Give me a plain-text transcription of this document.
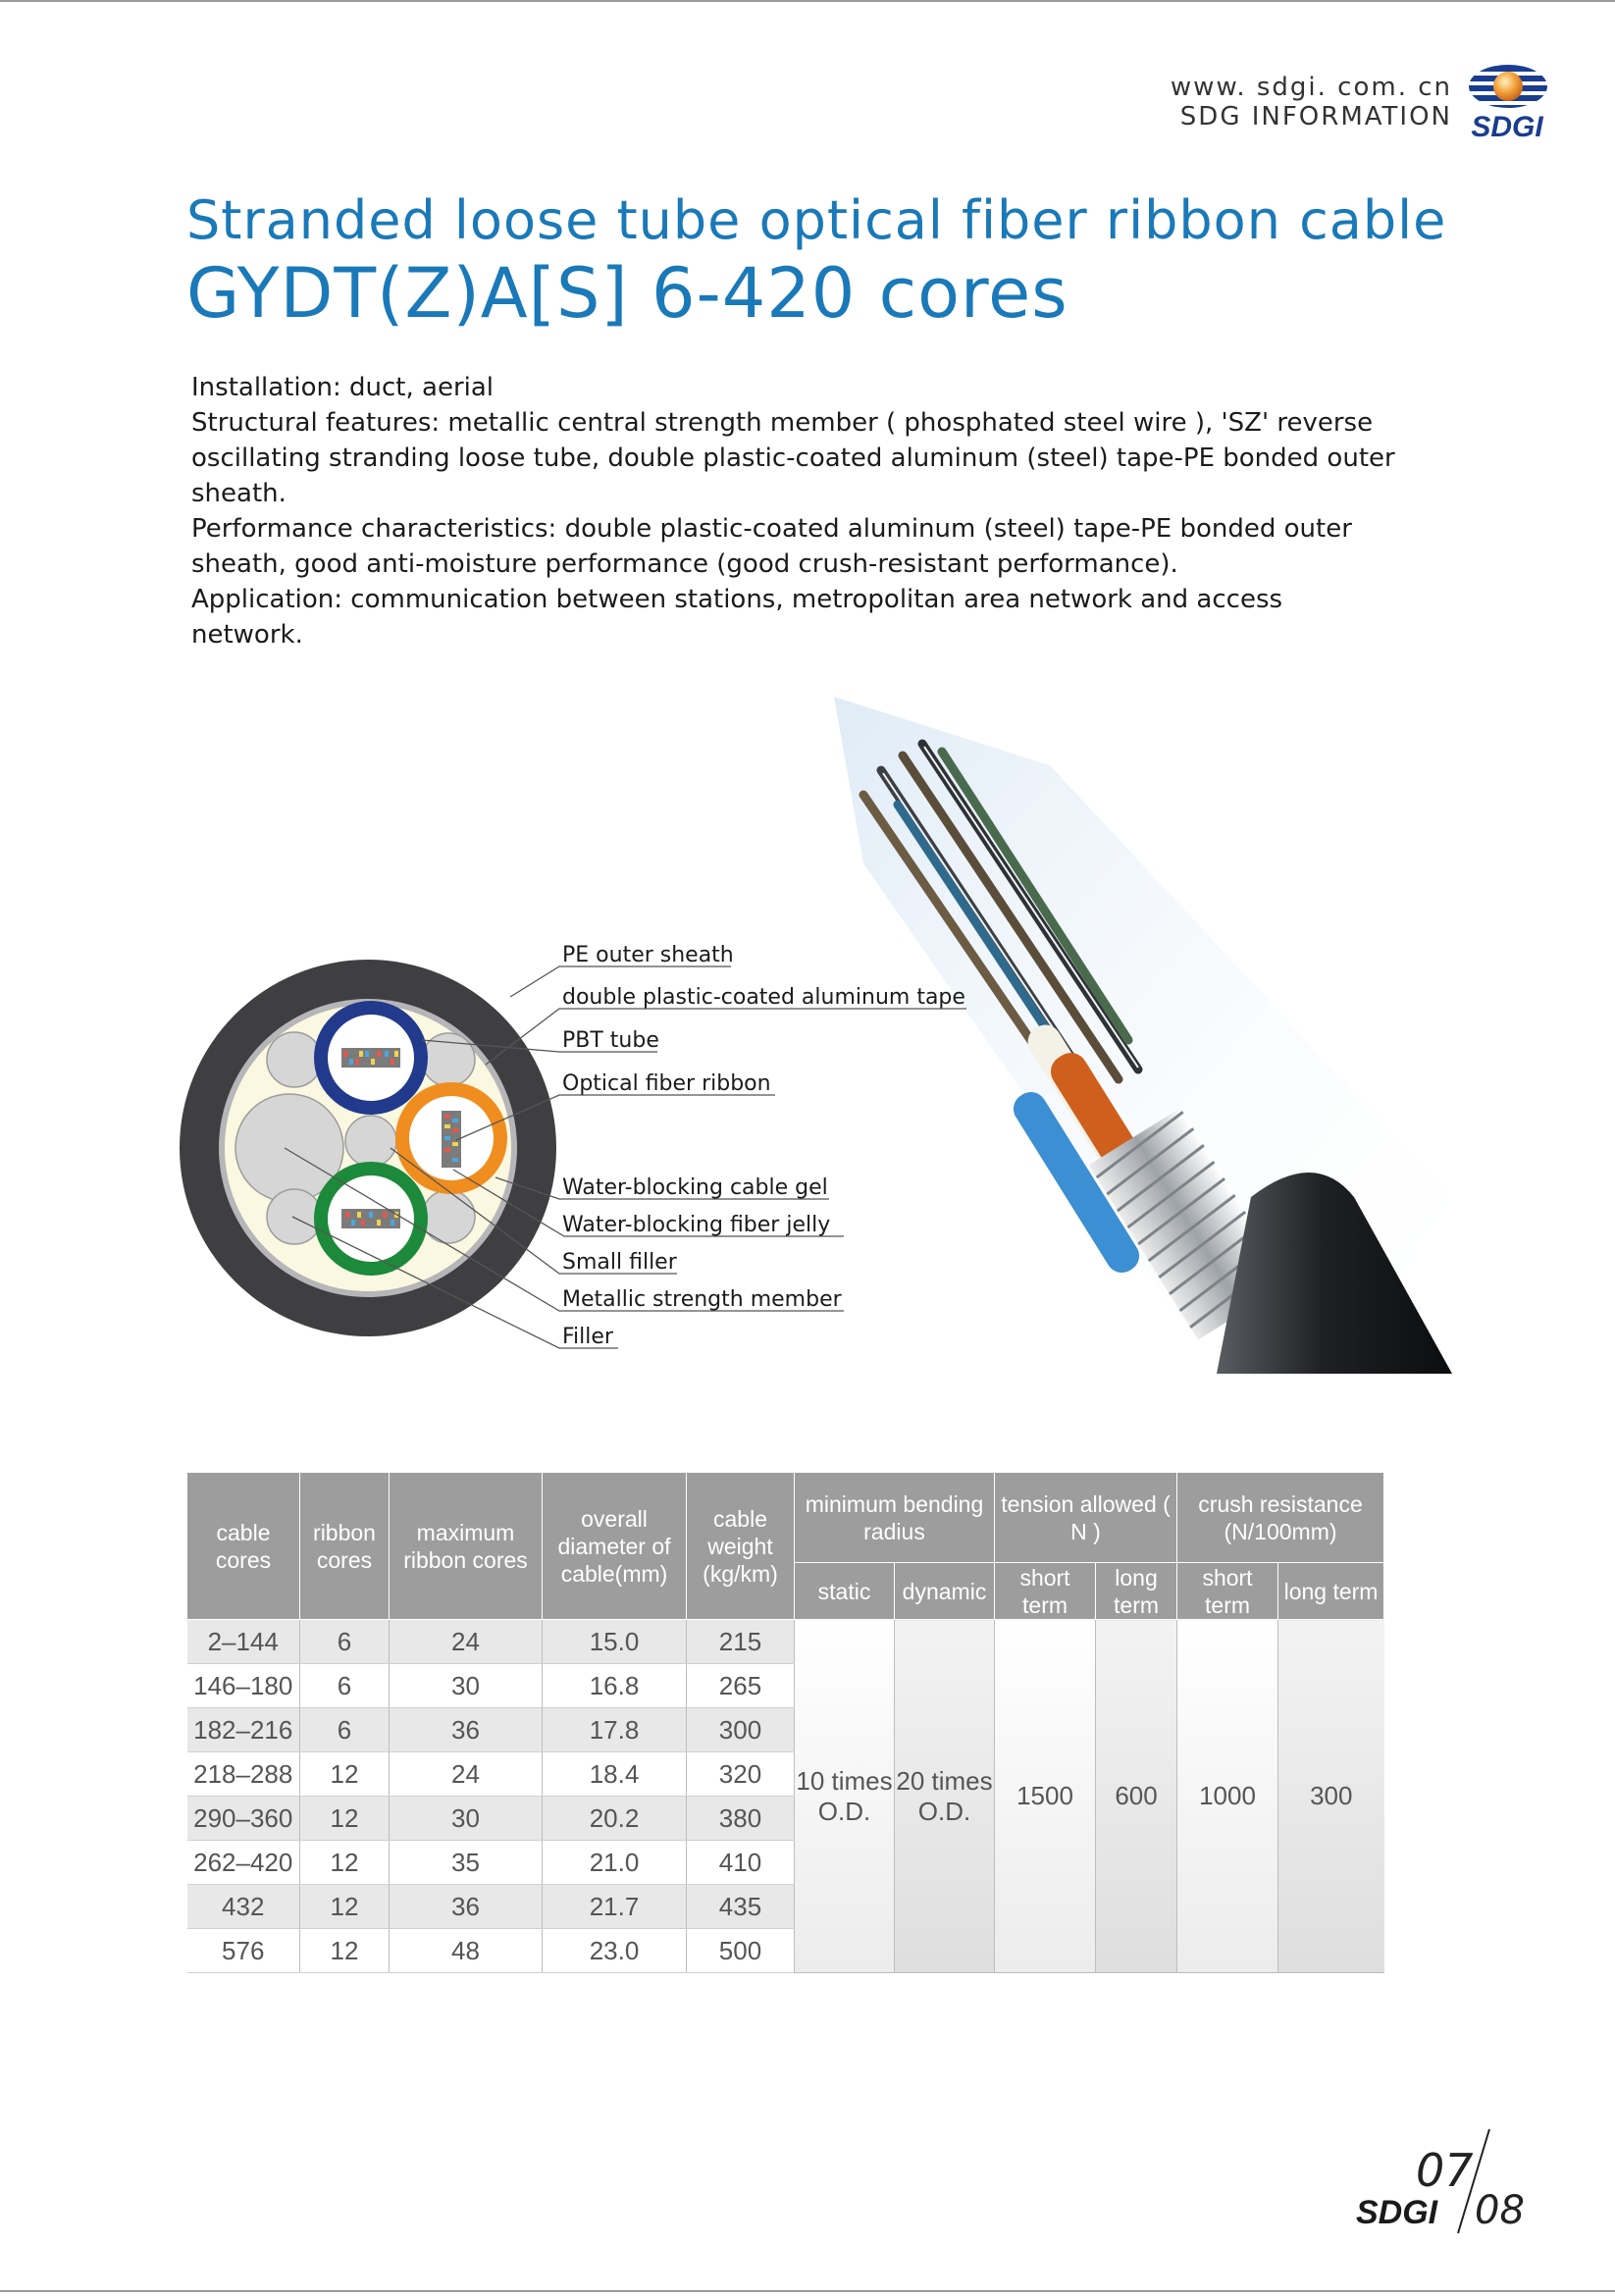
www. sdgi. com. cn
SDG INFORMATION SDGI
Stranded loose tube optical fiber ribbon cable
GYDT(Z)A[S] 6-420 cores

Installation: duct, aerial

Structural features: metallic central strength member ( phosphated steel wire ), 'SZ' reverse oscillating stranding loose tube, double plastic-coated aluminum (steel) tape-PE bonded outer sheath.

Performance characteristics: double plastic-coated aluminum (steel) tape-PE bonded outer sheath, good anti-moisture performance (good crush-resistant performance).

Application: communication between stations, metropolitan area network and access network.

PE outer sheath
double plastic-coated aluminum tape
PBT tube
Optical fiber ribbon
Water-blocking cable gel
Water-blocking fiber jelly
Small filler
Metallic strength member
Filler
cable cores	ribbon cores	maximum ribbon cores	overall diameter of cable(mm)	cable weight (kg/km)	minimum bending radius		tension allowed ( N )		crush resistance (N/100mm)	
					static	dynamic	short term	long term	short term	long term
2–144	6	24	15.0	215	10 times O.D.	20 times O.D.	1500	600	1000	300
146–180	6	30	16.8	265						
182–216	6	36	17.8	300						
218–288	12	24	18.4	320						
290–360	12	30	20.2	380						
262–420	12	35	21.0	410						
432	12	36	21.7	435						
576	12	48	23.0	500						
07
SDGI 08
